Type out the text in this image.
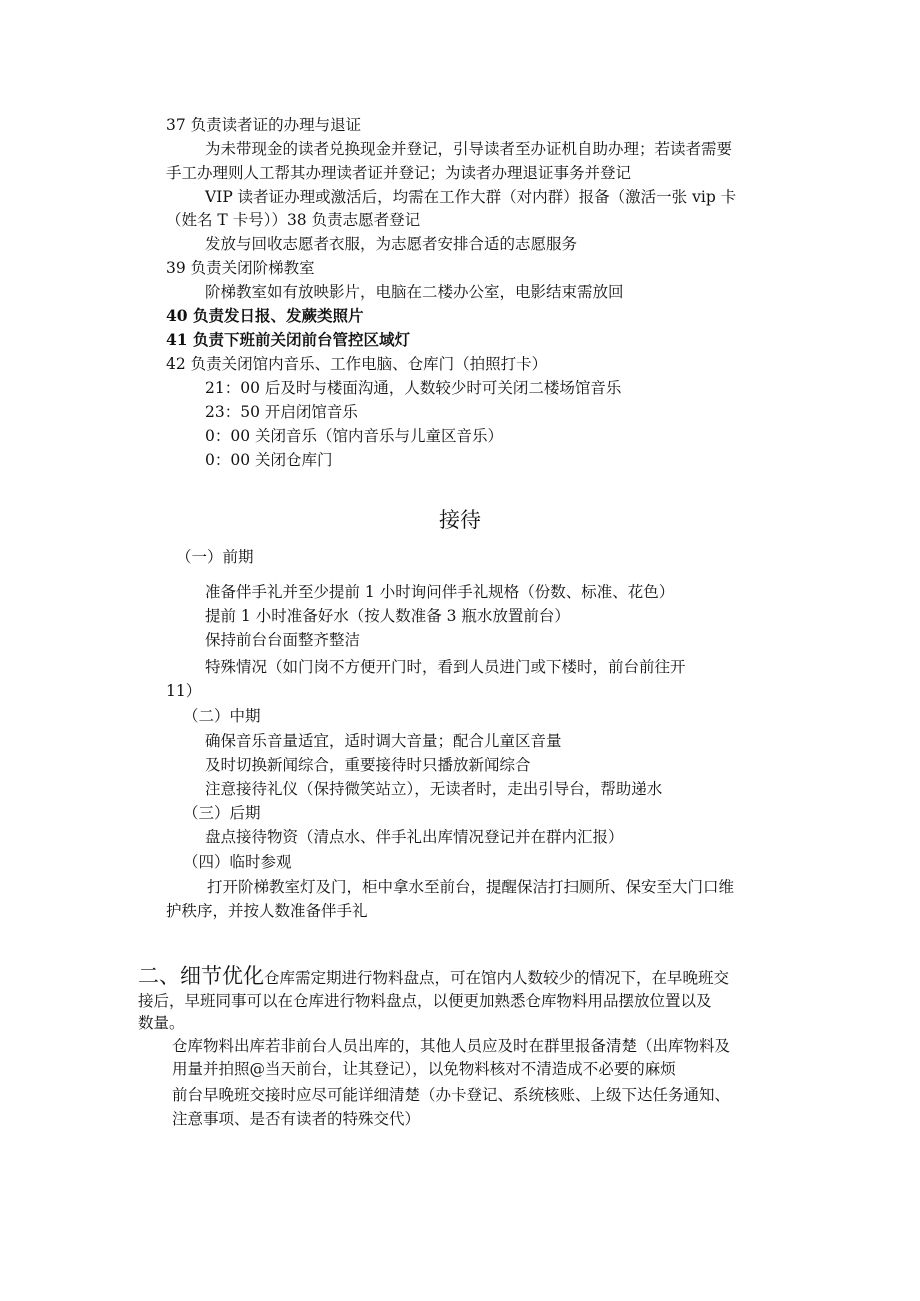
37 负责读者证的办理与退证
为未带现金的读者兑换现金并登记，引导读者至办证机自助办理；若读者需要
手工办理则人工帮其办理读者证并登记；为读者办理退证事务并登记
VIP 读者证办理或激活后，均需在工作大群（对内群）报备（激活一张 vip 卡
（姓名 T 卡号））38 负责志愿者登记
发放与回收志愿者衣服，为志愿者安排合适的志愿服务
39 负责关闭阶梯教室
阶梯教室如有放映影片，电脑在二楼办公室，电影结束需放回
40 负责发日报、发蕨类照片
41 负责下班前关闭前台管控区域灯
42 负责关闭馆内音乐、工作电脑、仓库门（拍照打卡）
21：00 后及时与楼面沟通，人数较少时可关闭二楼场馆音乐
23：50 开启闭馆音乐
0：00 关闭音乐（馆内音乐与儿童区音乐）
0：00 关闭仓库门
接待
（一）前期
准备伴手礼并至少提前 1 小时询问伴手礼规格（份数、标准、花色）
提前 1 小时准备好水（按人数准备 3 瓶水放置前台）
保持前台台面整齐整洁
特殊情况（如门岗不方便开门时，看到人员进门或下楼时，前台前往开
11）
（二）中期
确保音乐音量适宜，适时调大音量；配合儿童区音量
及时切换新闻综合，重要接待时只播放新闻综合
注意接待礼仪（保持微笑站立），无读者时，走出引导台，帮助递水
（三）后期
盘点接待物资（清点水、伴手礼出库情况登记并在群内汇报）
（四）临时参观
打开阶梯教室灯及门，柜中拿水至前台，提醒保洁打扫厕所、保安至大门口维
护秩序，并按人数准备伴手礼
二、细节优化仓库需定期进行物料盘点，可在馆内人数较少的情况下，在早晚班交
接后，早班同事可以在仓库进行物料盘点，以便更加熟悉仓库物料用品摆放位置以及
数量。
仓库物料出库若非前台人员出库的，其他人员应及时在群里报备清楚（出库物料及
用量并拍照@当天前台，让其登记），以免物料核对不清造成不必要的麻烦
前台早晚班交接时应尽可能详细清楚（办卡登记、系统核账、上级下达任务通知、
注意事项、是否有读者的特殊交代）
